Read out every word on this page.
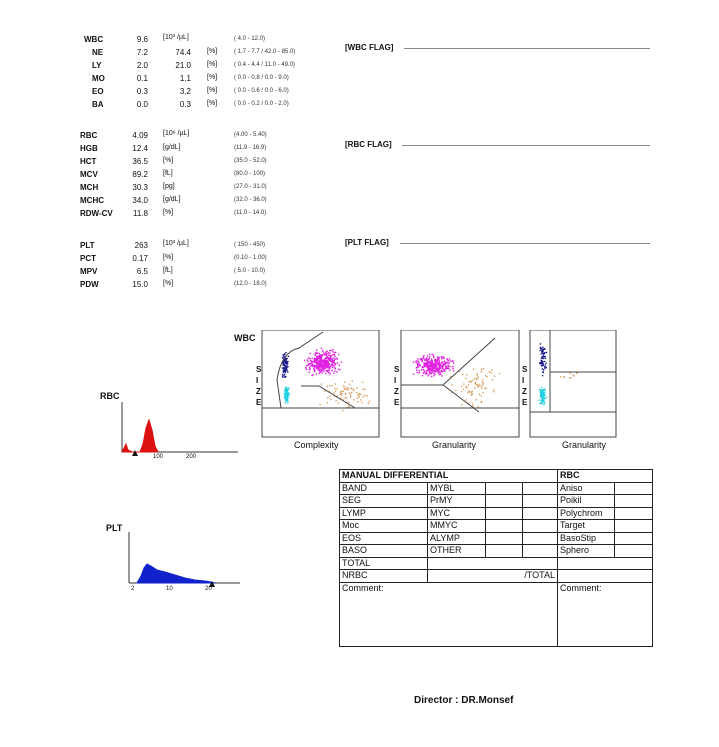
WBC	9.6 [10³ /µL]	( 4.0 - 12.0)
NE	7.2	74.4 [%]	( 1.7 - 7.7 / 42.0 - 85.0)
LY	2.0	21.0 [%]	( 0.4 - 4.4 / 11.0 - 49.0)
MO	0.1	1.1 [%]	( 0.0 - 0.8 / 0.0 - 9.0)
EO	0.3	3.2 [%]	( 0.0 - 0.6 / 0.0 - 6.0)
BA	0.0	0.3 [%]	( 0.0 - 0.2 / 0.0 - 2.0)
[WBC FLAG]
RBC	4.09 [10⁶ /µL]	(4.00 - 5.40)
HGB	12.4 [g/dL]	(11.9 - 16.9)
HCT	36.5 [%]	(35.0 - 52.0)
MCV	89.2 [fL]	(80.0 - 100)
MCH	30.3 [pg]	(27.0 - 31.0)
MCHC	34.0 [g/dL]	(32.0 - 36.0)
RDW-CV	11.8 [%]	(11.0 - 14.0)
[RBC FLAG]
PLT	263 [10³ /µL]	( 150 - 450)
PCT	0.17 [%]	(0.10 - 1.00)
MPV	6.5 [fL]	( 5.0 - 10.0)
PDW	15.0 [%]	(12.0 - 18.0)
[PLT FLAG]
WBC
S
I
Z
E
S
I
Z
E
S
I
Z
E
Complexity	Granularity	Granularity
RBC
100	200
PLT
2	10	20
MANUAL DIFFERENTIAL				RBC	
BAND	MYBL			Aniso	
SEG	PrMY			Poikil	
LYMP	MYC			Polychrom	
Moc	MMYC			Target	
EOS	ALYMP			BasoStip	
BASO	OTHER			Sphero	
TOTAL					
NRBC	/TOTAL				
Comment:				Comment:	
Director : DR.Monsef
